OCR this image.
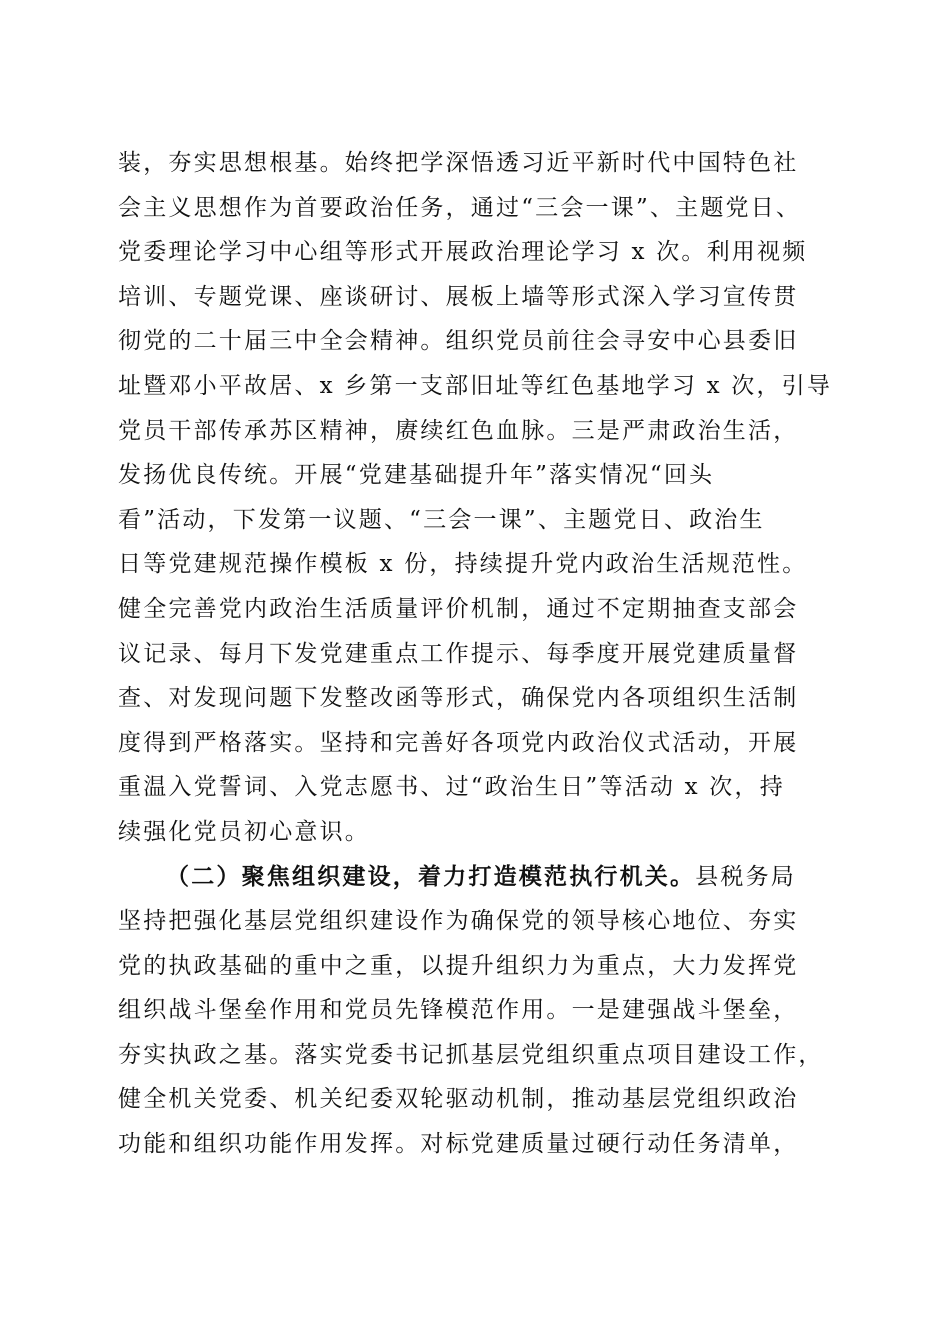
装，夯实思想根基。始终把学深悟透习近平新时代中国特色社
会主义思想作为首要政治任务，通过“三会一课”、主题党日、
党委理论学习中心组等形式开展政治理论学习 x 次。利用视频
培训、专题党课、座谈研讨、展板上墙等形式深入学习宣传贯
彻党的二十届三中全会精神。组织党员前往会寻安中心县委旧
址暨邓小平故居、x 乡第一支部旧址等红色基地学习 x 次，引导
党员干部传承苏区精神，赓续红色血脉。三是严肃政治生活，
发扬优良传统。开展“党建基础提升年”落实情况“回头
看”活动，下发第一议题、“三会一课”、主题党日、政治生
日等党建规范操作模板 x 份，持续提升党内政治生活规范性。
健全完善党内政治生活质量评价机制，通过不定期抽查支部会
议记录、每月下发党建重点工作提示、每季度开展党建质量督
查、对发现问题下发整改函等形式，确保党内各项组织生活制
度得到严格落实。坚持和完善好各项党内政治仪式活动，开展
重温入党誓词、入党志愿书、过“政治生日”等活动 x 次，持
续强化党员初心意识。
（二）聚焦组织建设，着力打造模范执行机关。县税务局
坚持把强化基层党组织建设作为确保党的领导核心地位、夯实
党的执政基础的重中之重，以提升组织力为重点，大力发挥党
组织战斗堡垒作用和党员先锋模范作用。一是建强战斗堡垒，
夯实执政之基。落实党委书记抓基层党组织重点项目建设工作，
健全机关党委、机关纪委双轮驱动机制，推动基层党组织政治
功能和组织功能作用发挥。对标党建质量过硬行动任务清单，
